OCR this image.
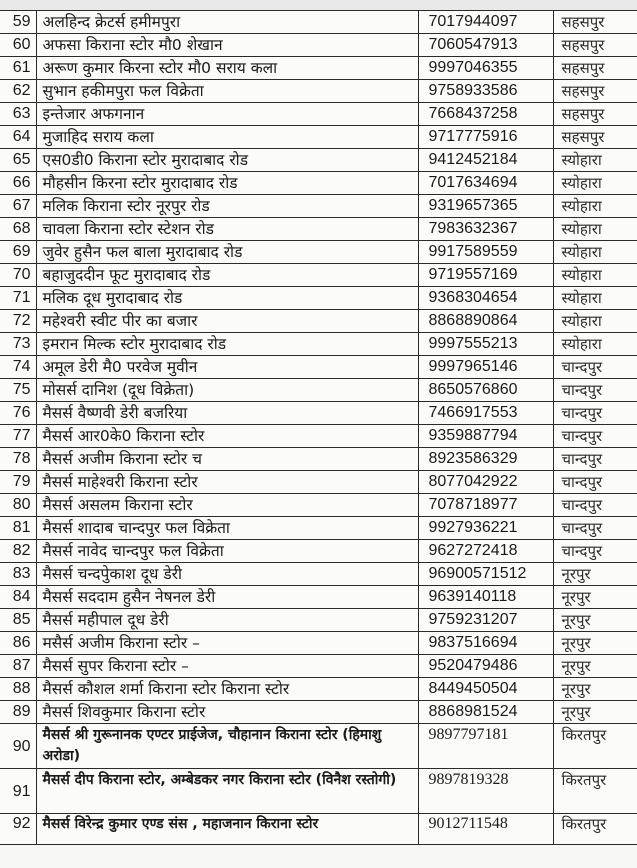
59	अलहिन्द क्रेटर्स हमीमपुरा	7017944097	सहसपुर
60	अफसा किराना स्टोर मौ0 शेखान	7060547913	सहसपुर
61	अरूण कुमार किरना स्टोर मौ0 सराय कला	9997046355	सहसपुर
62	सुभान हकीमपुरा फल विक्रेता	9758933586	सहसपुर
63	इन्तेजार अफगनान	7668437258	सहसपुर
64	मुजाहिद सराय कला	9717775916	सहसपुर
65	एस0डी0 किराना स्टोर मुरादाबाद रोड	9412452184	स्योहारा
66	मौहसीन किरना स्टोर मुरादाबाद रोड	7017634694	स्योहारा
67	मलिक किराना स्टोर नूरपुर रोड	9319657365	स्योहारा
68	चावला किराना स्टोर स्टेशन रोड	7983632367	स्योहारा
69	जुवेर हुसैन फल बाला मुरादाबाद रोड	9917589559	स्योहारा
70	बहाजुददीन फूट मुरादाबाद रोड	9719557169	स्योहारा
71	मलिक दूध मुरादाबाद रोड	9368304654	स्योहारा
72	महेश्वरी स्वीट पीर का बजार	8868890864	स्योहारा
73	इमरान मिल्क स्टोर मुरादाबाद रोड	9997555213	स्योहारा
74	अमूल डेरी मै0 परवेज मुवीन	9997965146	चान्दपुर
75	मोसर्स दानिश (दूध विक्रेता)	8650576860	चान्दपुर
76	मैसर्स वैष्णवी डेरी बजरिया	7466917553	चान्दपुर
77	मैसर्स आर0के0 किराना स्टोर	9359887794	चान्दपुर
78	मैसर्स अजीम किराना स्टोर च	8923586329	चान्दपुर
79	मैसर्स माहेश्वरी किराना स्टोर	8077042922	चान्दपुर
80	मैसर्स असलम किराना स्टोर	7078718977	चान्दपुर
81	मैसर्स शादाब चान्दपुर फल विक्रेता	9927936221	चान्दपुर
82	मैसर्स नावेद चान्दपुर फल विक्रेता	9627272418	चान्दपुर
83	मैसर्स चन्दपेुकाश दूध डेरी	96900571512	नूरपुर
84	मैसर्स सददाम हुसैन नेषनल डेरी	9639140118	नूरपुर
85	मैसर्स महीपाल दूध डेरी	9759231207	नूरपुर
86	मसैर्स अजीम किराना स्टोर –	9837516694	नूरपुर
87	मैसर्स सुपर किराना स्टोर –	9520479486	नूरपुर
88	मैसर्स कौशल शर्मा किराना स्टोर किराना स्टोर	8449450504	नूरपुर
89	मैसर्स शिवकुमार किराना स्टोर	8868981524	नूरपुर
90	मैसर्स श्री गुरूनानक एण्टर प्राईजेज, चौहानान किराना स्टोर (हिमाशु अरोडा)	9897797181	किरतपुर
91	मैसर्स दीप किराना स्टोर, अम्बेडकर नगर किराना स्टोर (विनैश रस्तोगी)	9897819328	किरतपुर
92	मैसर्स विरेन्द्र कुमार एण्ड संस , महाजनान किराना स्टोर	9012711548	किरतपुर
